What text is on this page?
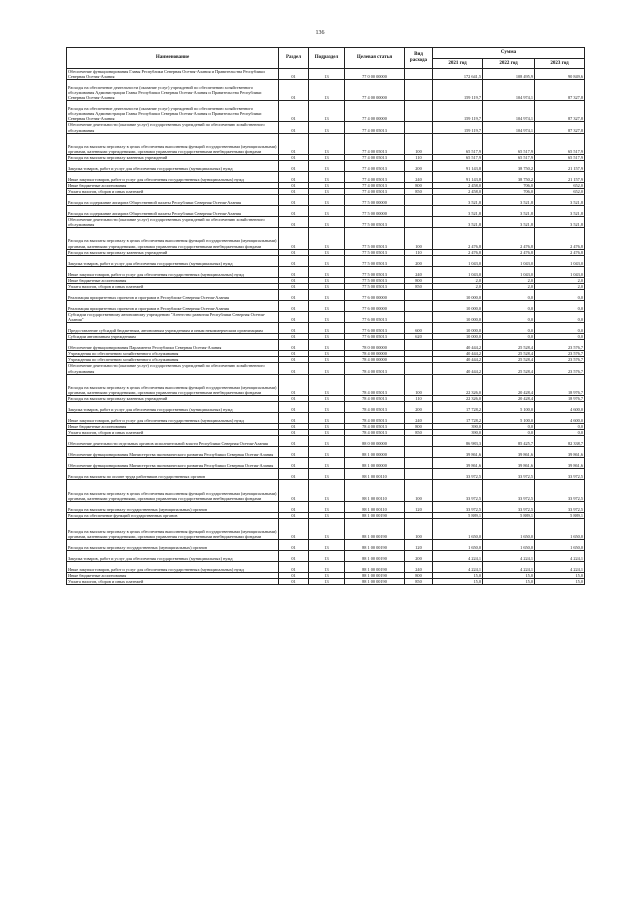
136
Наименование	Раздел	Подраздел	Целевая статья	Вид расхода	Сумма		
					2021 год	2022 год	2023 год
Обеспечение функционирования Главы Республики Северная Осетия-Алания и Правительства Республики Северная Осетия-Алания	01	13	77 0 00 00000		172 641,5	108 495,9	90 849,6
Расходы на обеспечение деятельности (оказание услуг) учреждений по обеспечению хозяйственного обслуживания Администрации Главы Республики Северная Осетия-Алания и Правительства Республики Северная Осетия-Алания	01	13	77 4 00 00000		159 119,7	104 974,1	87 327,8
Расходы на обеспечение деятельности (оказание услуг) учреждений по обеспечению хозяйственного обслуживания Администрации Главы Республики Северная Осетия-Алания и Правительства Республики Северная Осетия-Алания	01	13	77 4 00 00000		159 119,7	104 974,1	87 327,8
Обеспечение деятельности (оказание услуг) государственных учреждений по обеспечению хозяйственного обслуживания	01	13	77 4 00 05013		159 119,7	104 974,1	87 327,8
Расходы на выплаты персоналу в целях обеспечения выполнения функций государственными (муниципальными) органами, казенными учреждениями, органами управления государственными внебюджетными фондами	01	13	77 4 00 05013	100	65 517,9	65 517,9	65 517,9
Расходы на выплаты персоналу казенных учреждений	01	13	77 4 00 05013	110	65 517,9	65 517,9	65 517,9
Закупка товаров, работ и услуг для обеспечения государственных (муниципальных) нужд	01	13	77 4 00 05013	200	91 143,8	38 750,2	21 157,9
Иные закупки товаров, работ и услуг для обеспечения государственных (муниципальных) нужд	01	13	77 4 00 05013	240	91 143,8	38 750,2	21 157,9
Иные бюджетные ассигнования	01	13	77 4 00 05013	800	2 458,0	706,0	652,0
Уплата налогов, сборов и иных платежей	01	13	77 4 00 05013	850	2 458,0	706,0	652,0
Расходы на содержание аппарата Общественной палаты Республики Северная Осетия-Алания	01	13	77 5 00 00000		3 521,8	3 521,8	3 521,8
Расходы на содержание аппарата Общественной палаты Республики Северная Осетия-Алания	01	13	77 5 00 00000		3 521,8	3 521,8	3 521,8
Обеспечение деятельности (оказание услуг) государственных учреждений по обеспечению хозяйственного обслуживания	01	13	77 5 00 05013		3 521,8	3 521,8	3 521,8
Расходы на выплаты персоналу в целях обеспечения выполнения функций государственными (муниципальными) органами, казенными учреждениями, органами управления государственными внебюджетными фондами	01	13	77 5 00 05013	100	2 476,8	2 476,8	2 476,8
Расходы на выплаты персоналу казенных учреждений	01	13	77 5 00 05013	110	2 476,8	2 476,8	2 476,8
Закупка товаров, работ и услуг для обеспечения государственных (муниципальных) нужд	01	13	77 5 00 05013	200	1 043,0	1 043,0	1 043,0
Иные закупки товаров, работ и услуг для обеспечения государственных (муниципальных) нужд	01	13	77 5 00 05013	240	1 043,0	1 043,0	1 043,0
Иные бюджетные ассигнования	01	13	77 5 00 05013	800	2,0	2,0	2,0
Уплата налогов, сборов и иных платежей	01	13	77 5 00 05013	850	2,0	2,0	2,0
Реализация приоритетных проектов и программ в Республике Северная Осетия-Алания	01	13	77 6 00 00000		10 000,0	0,0	0,0
Реализация приоритетных проектов и программ в Республике Северная Осетия-Алания	01	13	77 6 00 00000		10 000,0	0,0	0,0
Субсидии государственному автономному учреждению "Агентство развития Республики Северная Осетия-Алания"	01	13	77 6 00 05013		10 000,0	0,0	0,0
Предоставление субсидий бюджетным, автономным учреждениям и иным некоммерческим организациям	01	13	77 6 00 05013	600	10 000,0	0,0	0,0
Субсидии автономным учреждениям	01	13	77 6 00 05013	620	10 000,0	0,0	0,0
Обеспечение функционирования Парламента Республики Северная Осетия-Алания	01	13	78 0 00 00000		40 444,2	25 528,4	23 576,7
Учреждения по обеспечению хозяйственного обслуживания	01	13	78 4 00 00000		40 444,2	25 528,4	23 576,7
Учреждения по обеспечению хозяйственного обслуживания	01	13	78 4 00 00000		40 444,2	25 528,4	23 576,7
Обеспечение деятельности (оказание услуг) государственных учреждений по обеспечению хозяйственного обслуживания	01	13	78 4 00 05013		40 444,2	25 528,4	23 576,7
Расходы на выплаты персоналу в целях обеспечения выполнения функций государственными (муниципальными) органами, казенными учреждениями, органами управления государственными внебюджетными фондами	01	13	78 4 00 05013	100	22 326,0	20 428,4	18 976,7
Расходы на выплаты персоналу казенных учреждений	01	13	78 4 00 05013	110	22 326,0	20 428,4	18 976,7
Закупка товаров, работ и услуг для обеспечения государственных (муниципальных) нужд	01	13	78 4 00 05013	200	17 728,2	5 100,0	4 600,0
Иные закупки товаров, работ и услуг для обеспечения государственных (муниципальных) нужд	01	13	78 4 00 05013	240	17 728,2	5 100,0	4 600,0
Иные бюджетные ассигнования	01	13	78 4 00 05013	800	390,0	0,0	0,0
Уплата налогов, сборов и иных платежей	01	13	78 4 00 05013	850	390,0	0,0	0,0
Обеспечение деятельности отдельных органов исполнительной власти Республики Северная Осетия-Алания	01	13	88 0 00 00000		86 983,3	85 425,7	82 338,7
Обеспечение функционирования Министерства экономического развития Республики Северная Осетия-Алания	01	13	88 1 00 00000		39 861,6	39 861,6	39 861,6
Обеспечение функционирования Министерства экономического развития Республики Северная Осетия-Алания	01	13	88 1 00 00000		39 861,6	39 861,6	39 861,6
Расходы на выплаты по оплате труда работников государственных органов	01	13	88 1 00 00110		33 972,5	33 972,5	33 972,5
Расходы на выплаты персоналу в целях обеспечения выполнения функций государственными (муниципальными) органами, казенными учреждениями, органами управления государственными внебюджетными фондами	01	13	88 1 00 00110	100	33 972,5	33 972,5	33 972,5
Расходы на выплаты персоналу государственных (муниципальных) органов	01	13	88 1 00 00110	120	33 972,5	33 972,5	33 972,5
Расходы на обеспечение функций государственных органов	01	13	88 1 00 00190		5 889,1	5 889,1	5 889,1
Расходы на выплаты персоналу в целях обеспечения выполнения функций государственными (муниципальными) органами, казенными учреждениями, органами управления государственными внебюджетными фондами	01	13	88 1 00 00190	100	1 650,0	1 650,0	1 650,0
Расходы на выплаты персоналу государственных (муниципальных) органов	01	13	88 1 00 00190	120	1 650,0	1 650,0	1 650,0
Закупка товаров, работ и услуг для обеспечения государственных (муниципальных) нужд	01	13	88 1 00 00190	200	4 224,1	4 224,1	4 224,1
Иные закупки товаров, работ и услуг для обеспечения государственных (муниципальных) нужд	01	13	88 1 00 00190	240	4 224,1	4 224,1	4 224,1
Иные бюджетные ассигнования	01	13	88 1 00 00190	800	15,0	15,0	15,0
Уплата налогов, сборов и иных платежей	01	13	88 1 00 00190	850	15,0	15,0	15,0
